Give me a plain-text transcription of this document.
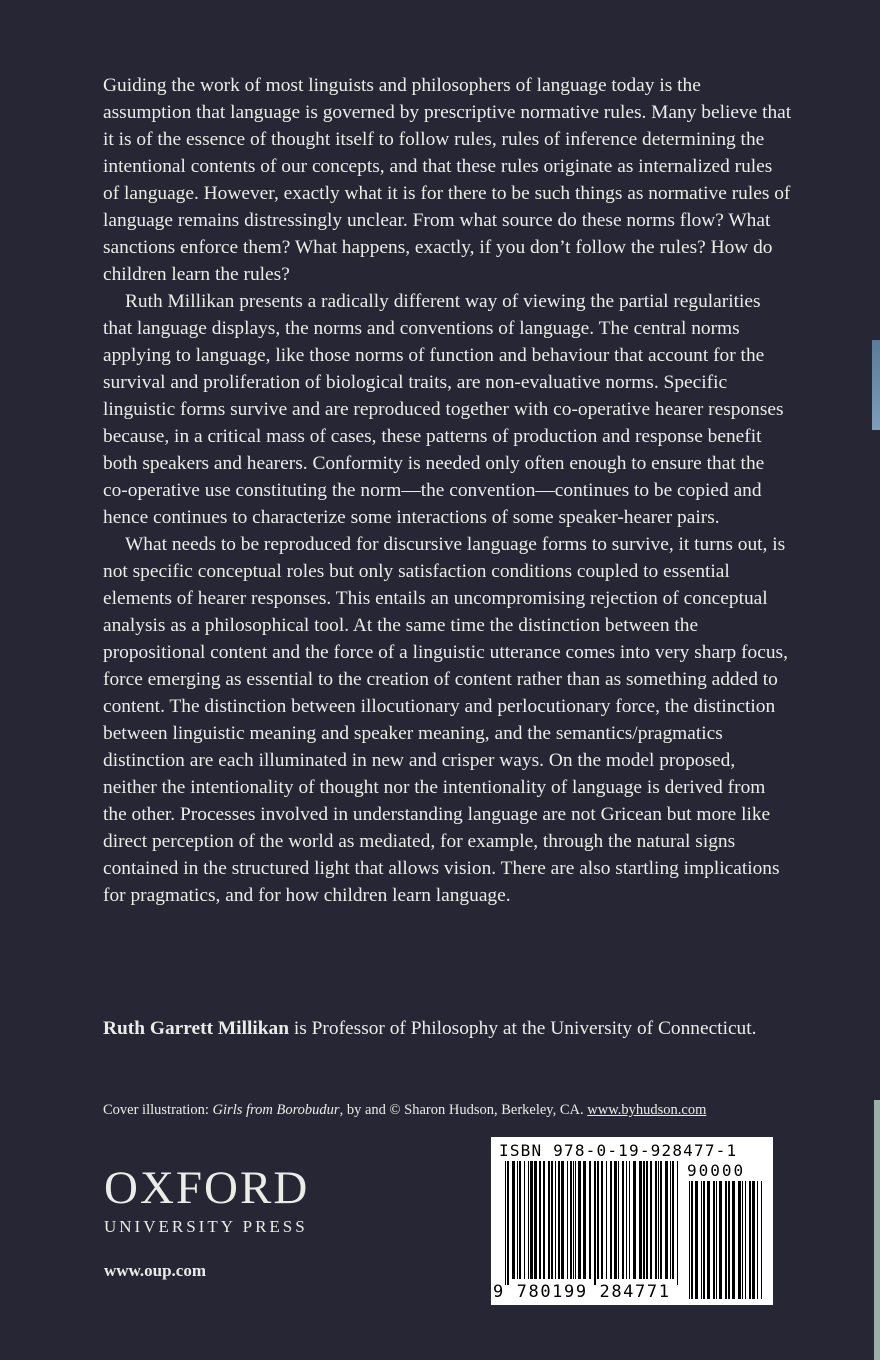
Guiding the work of most linguists and philosophers of language today is the assumption that language is governed by prescriptive normative rules. Many believe that it is of the essence of thought itself to follow rules, rules of inference determining the intentional contents of our concepts, and that these rules originate as internalized rules of language. However, exactly what it is for there to be such things as normative rules of language remains distressingly unclear. From what source do these norms flow? What sanctions enforce them? What happens, exactly, if you don’t follow the rules? How do children learn the rules?

Ruth Millikan presents a radically different way of viewing the partial regularities that language displays, the norms and conventions of language. The central norms applying to language, like those norms of function and behaviour that account for the survival and proliferation of biological traits, are non-evaluative norms. Specific linguistic forms survive and are reproduced together with co-operative hearer responses because, in a critical mass of cases, these patterns of production and response benefit both speakers and hearers. Conformity is needed only often enough to ensure that the co-operative use constituting the norm—the convention—continues to be copied and hence continues to characterize some interactions of some speaker-hearer pairs.

What needs to be reproduced for discursive language forms to survive, it turns out, is not specific conceptual roles but only satisfaction conditions coupled to essential elements of hearer responses. This entails an uncompromising rejection of conceptual analysis as a philosophical tool. At the same time the distinction between the propositional content and the force of a linguistic utterance comes into very sharp focus, force emerging as essential to the creation of content rather than as something added to content. The distinction between illocutionary and perlocutionary force, the distinction between linguistic meaning and speaker meaning, and the semantics/pragmatics distinction are each illuminated in new and crisper ways. On the model proposed, neither the intentionality of thought nor the intentionality of language is derived from the other. Processes involved in understanding language are not Gricean but more like direct perception of the world as mediated, for example, through the natural signs contained in the structured light that allows vision. There are also startling implications for pragmatics, and for how children learn language.

Ruth Garrett Millikan is Professor of Philosophy at the University of Connecticut.

Cover illustration: Girls from Borobudur, by and © Sharon Hudson, Berkeley, CA. www.byhudson.com

OXFORD
UNIVERSITY PRESS
www.oup.com
ISBN 978-0-19-928477-1
90000
9 780199 284771
